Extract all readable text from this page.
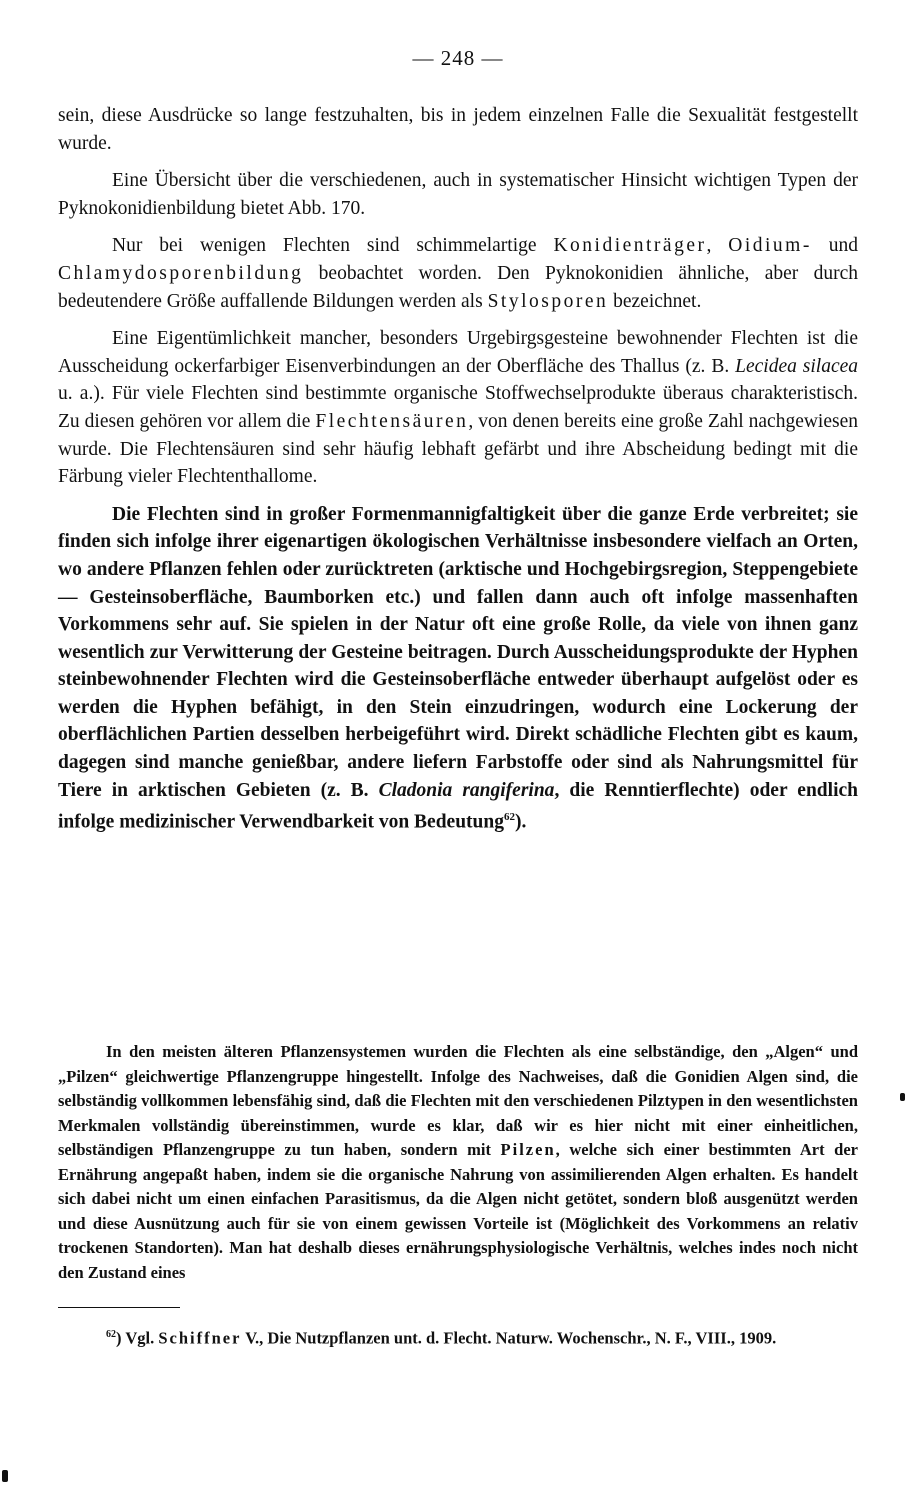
— 248 —

sein, diese Ausdrücke so lange festzuhalten, bis in jedem einzelnen Falle die Sexualität festgestellt wurde.

Eine Übersicht über die verschiedenen, auch in systematischer Hinsicht wichtigen Typen der Pyknokonidienbildung bietet Abb. 170.

Nur bei wenigen Flechten sind schimmelartige Konidienträger, Oidium- und Chlamydosporenbildung beobachtet worden. Den Pyknokonidien ähnliche, aber durch bedeutendere Größe auffallende Bildungen werden als Stylosporen bezeichnet.

Eine Eigentümlichkeit mancher, besonders Urgebirgsgesteine bewohnender Flechten ist die Ausscheidung ockerfarbiger Eisenverbindungen an der Oberfläche des Thallus (z. B. Lecidea silacea u. a.). Für viele Flechten sind bestimmte organische Stoffwechselprodukte überaus charakteristisch. Zu diesen gehören vor allem die Flechtensäuren, von denen bereits eine große Zahl nachgewiesen wurde. Die Flechtensäuren sind sehr häufig lebhaft gefärbt und ihre Abscheidung bedingt mit die Färbung vieler Flechtenthallome.

Die Flechten sind in großer Formenmannigfaltigkeit über die ganze Erde verbreitet; sie finden sich infolge ihrer eigenartigen ökologischen Verhältnisse insbesondere vielfach an Orten, wo andere Pflanzen fehlen oder zurücktreten (arktische und Hochgebirgsregion, Steppengebiete — Gesteinsoberfläche, Baumborken etc.) und fallen dann auch oft infolge massenhaften Vorkommens sehr auf. Sie spielen in der Natur oft eine große Rolle, da viele von ihnen ganz wesentlich zur Verwitterung der Gesteine beitragen. Durch Ausscheidungsprodukte der Hyphen steinbewohnender Flechten wird die Gesteinsoberfläche entweder überhaupt aufgelöst oder es werden die Hyphen befähigt, in den Stein einzudringen, wodurch eine Lockerung der oberflächlichen Partien desselben herbeigeführt wird. Direkt schädliche Flechten gibt es kaum, dagegen sind manche genießbar, andere liefern Farbstoffe oder sind als Nahrungsmittel für Tiere in arktischen Gebieten (z. B. Cladonia rangiferina, die Renntierflechte) oder endlich infolge medizinischer Verwendbarkeit von Bedeutung$^{62}$).

In den meisten älteren Pflanzensystemen wurden die Flechten als eine selbständige, den „Algen“ und „Pilzen“ gleichwertige Pflanzengruppe hingestellt. Infolge des Nachweises, daß die Gonidien Algen sind, die selbständig vollkommen lebensfähig sind, daß die Flechten mit den verschiedenen Pilztypen in den wesentlichsten Merkmalen vollständig übereinstimmen, wurde es klar, daß wir es hier nicht mit einer einheitlichen, selbständigen Pflanzengruppe zu tun haben, sondern mit Pilzen, welche sich einer bestimmten Art der Ernährung angepaßt haben, indem sie die organische Nahrung von assimilierenden Algen erhalten. Es handelt sich dabei nicht um einen einfachen Parasitismus, da die Algen nicht getötet, sondern bloß ausgenützt werden und diese Ausnützung auch für sie von einem gewissen Vorteile ist (Möglichkeit des Vorkommens an relativ trockenen Standorten). Man hat deshalb dieses ernährungsphysiologische Verhältnis, welches indes noch nicht den Zustand eines

$^{62}$) Vgl. Schiffner V., Die Nutzpflanzen unt. d. Flecht. Naturw. Wochenschr., N. F., VIII., 1909.
